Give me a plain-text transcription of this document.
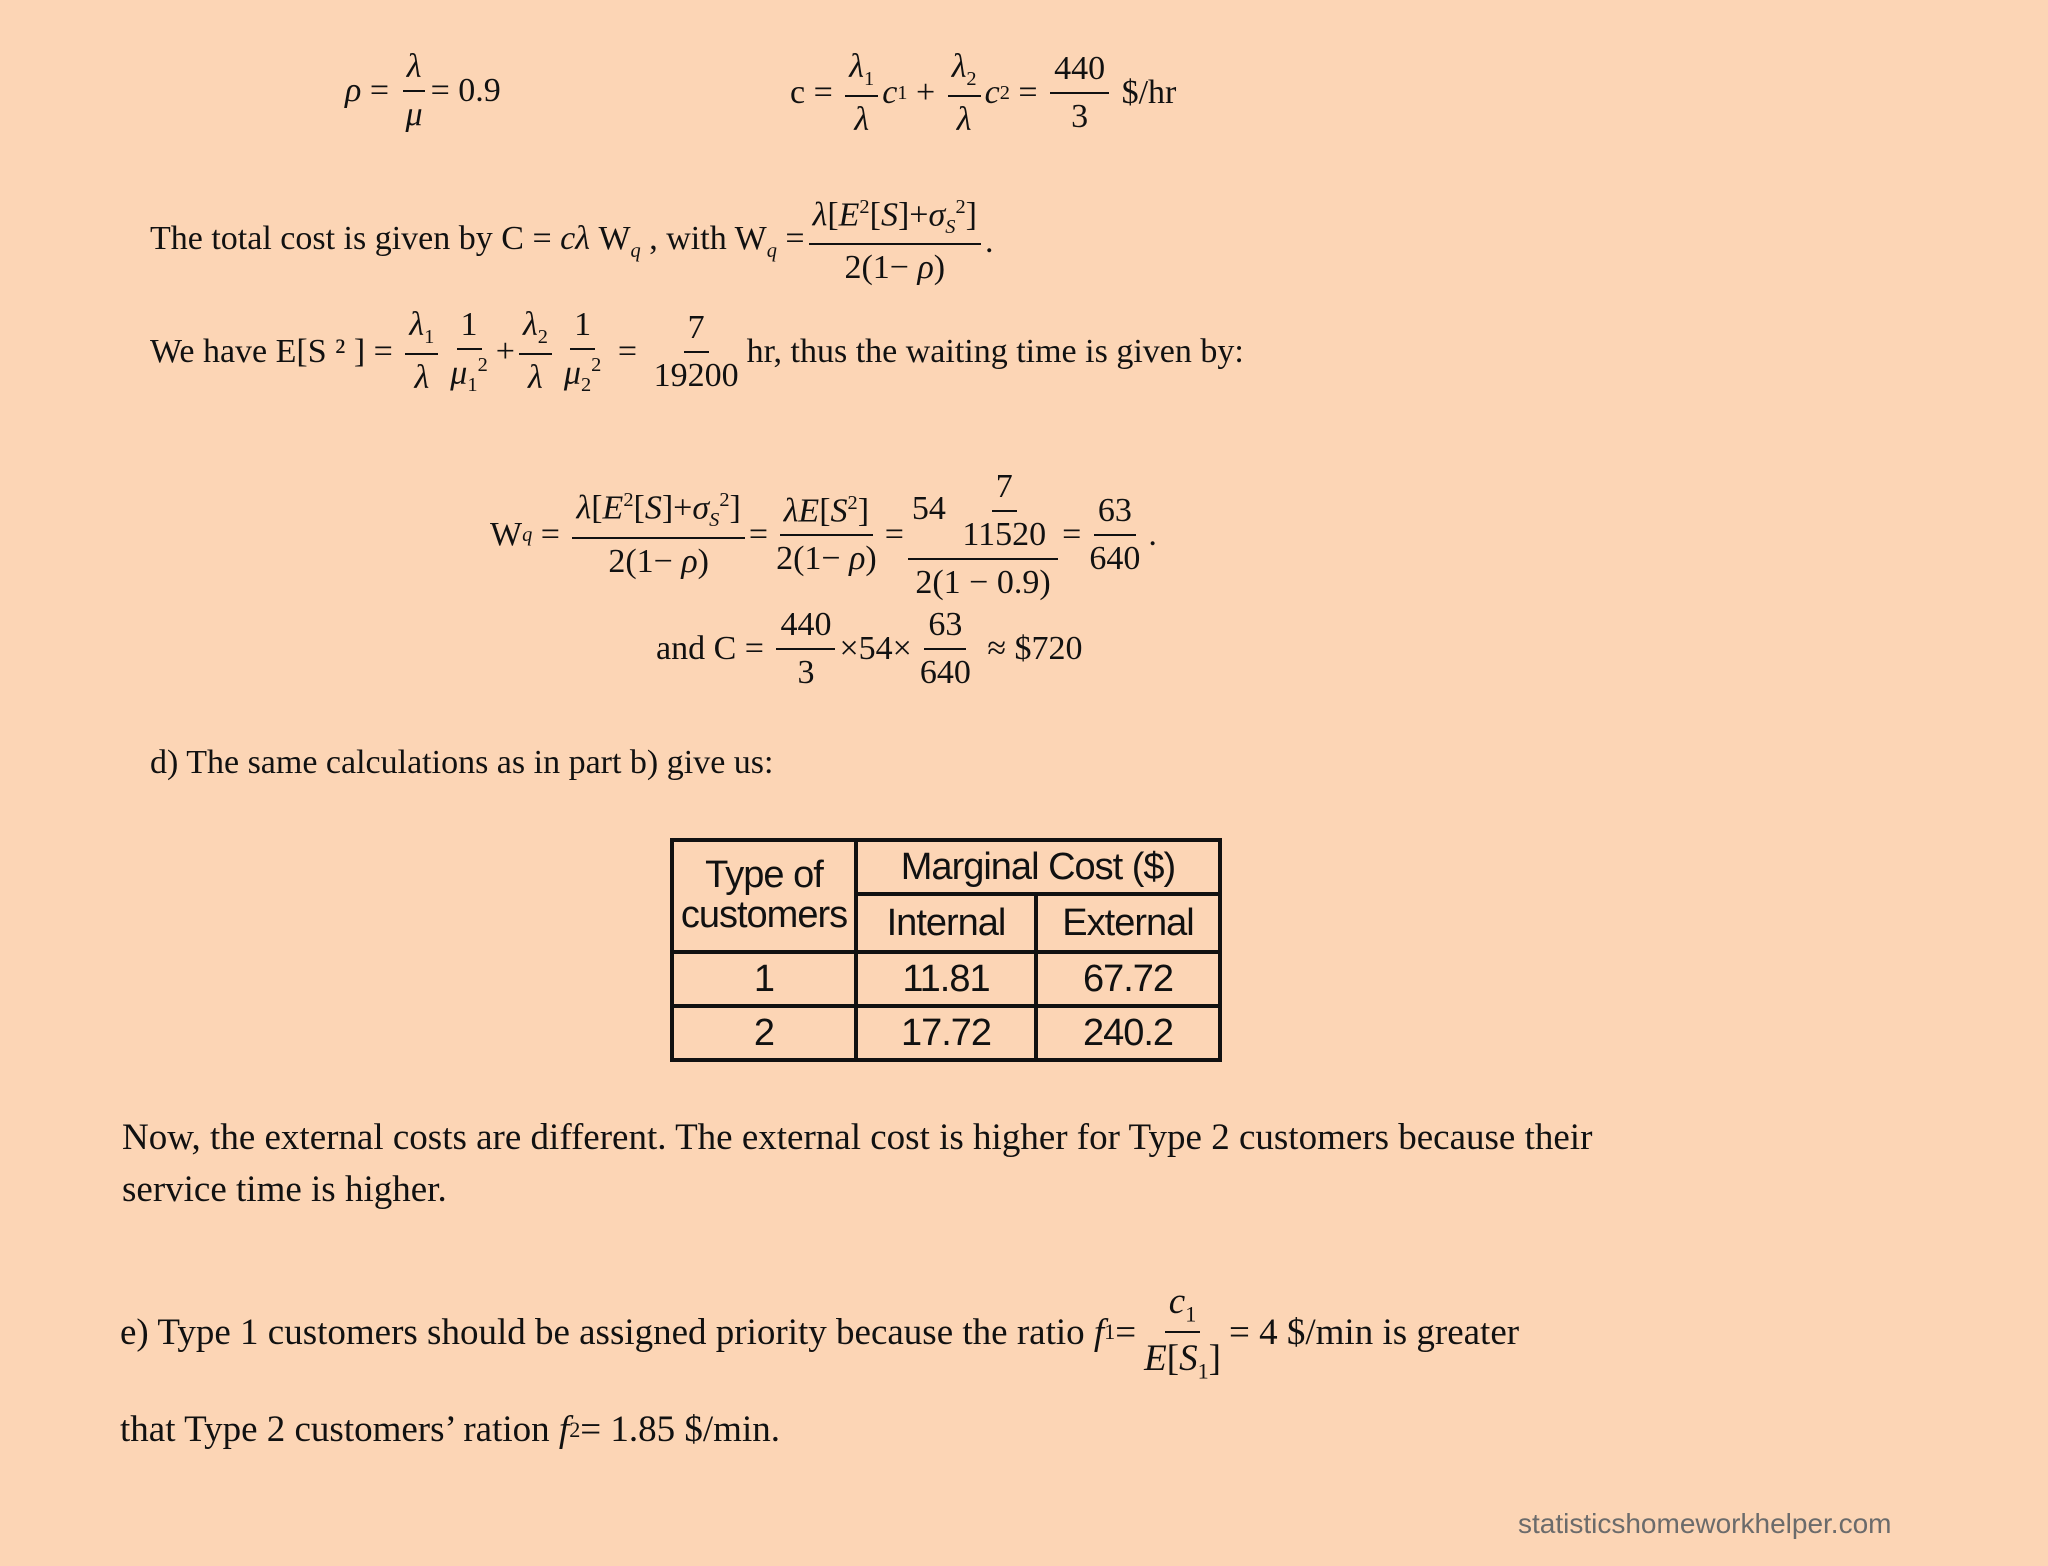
$\rho = \frac{\lambda}{\mu} = 0.9$	$c = \frac{\lambda_1}{\lambda}$ c $1 + \frac{\lambda_2}{\lambda}$ c $2 = \frac{440}{3}$ $/hr
The total cost is given by C = cλ $W_q$ , with $W_q = \frac{\lambda[E^2[S]+\sigma_S^2]}{2(1- \rho)}$ .
We have E[S ² ] =
$\frac{\lambda_1}{\lambda} \frac{1}{\mu_1^2} + \frac{\lambda_2}{\lambda} \frac{1}{\mu_2^2} = \frac{7}{19200}$ hr, thus the waiting time is given by:
W $q = \frac{\lambda[E^2[S]+\sigma_S^2]}{2(1- \rho)} = \frac{\lambda E[S^2]}{2(1- \rho)} = \frac{54 \frac{7}{11520}}{2(1 - 0.9)} = \frac{63}{640}$ .
and $C = \frac{440}{3} \times 54\times \frac{63}{640}$ ≈ $720
d) The same calculations as in part b) give us:
Type of customers	Marginal Cost ($)	
	Internal	External
1	11.81	67.72
2	17.72	240.2
Now, the external costs are different. The external cost is higher for Type 2 customers because their service time is higher.
e) Type 1 customers should be assigned priority because the ratio
f $1 = \frac{c_1}{E[S_1]} = 4$ $/min is greater
that Type 2 customers’ ration
f 2 = 1.85 $/min.
statisticshomeworkhelper.com
